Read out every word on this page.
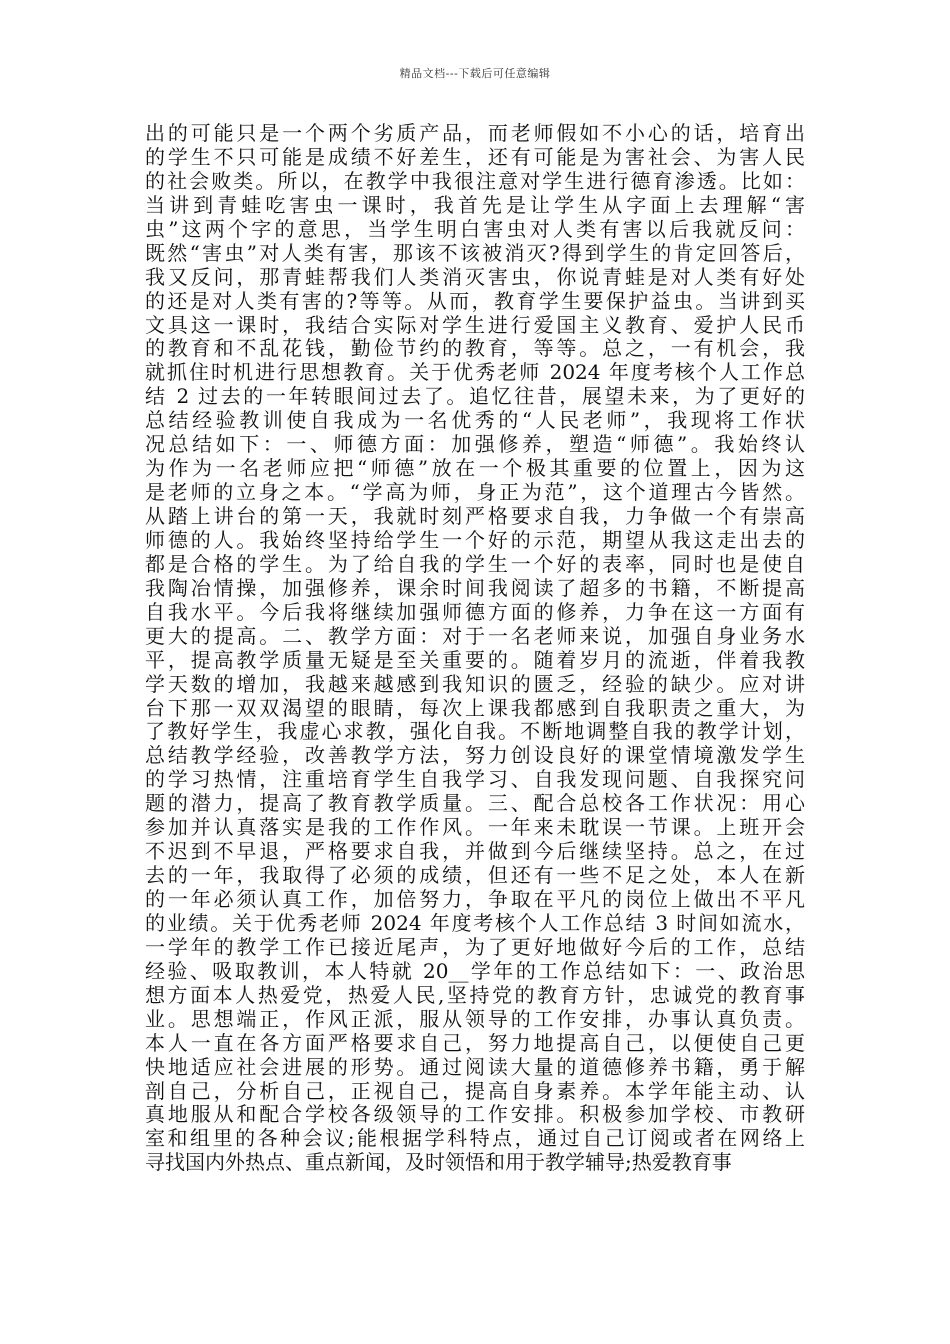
精品文档---下载后可任意编辑
出的可能只是一个两个劣质产品，而老师假如不小心的话，培育出
的学生不只可能是成绩不好差生，还有可能是为害社会、为害人民
的社会败类。所以，在教学中我很注意对学生进行德育渗透。比如：
当讲到青蛙吃害虫一课时，我首先是让学生从字面上去理解“害
虫”这两个字的意思，当学生明白害虫对人类有害以后我就反问：
既然“害虫”对人类有害，那该不该被消灭?得到学生的肯定回答后，
我又反问，那青蛙帮我们人类消灭害虫，你说青蛙是对人类有好处
的还是对人类有害的?等等。从而，教育学生要保护益虫。当讲到买
文具这一课时，我结合实际对学生进行爱国主义教育、爱护人民币
的教育和不乱花钱，勤俭节约的教育，等等。总之，一有机会，我
就抓住时机进行思想教育。关于优秀老师 2024 年度考核个人工作总
结 2 过去的一年转眼间过去了。追忆往昔，展望未来，为了更好的
总结经验教训使自我成为一名优秀的“人民老师”，我现将工作状
况总结如下：一、师德方面：加强修养，塑造“师德”。我始终认
为作为一名老师应把“师德”放在一个极其重要的位置上，因为这
是老师的立身之本。“学高为师，身正为范”，这个道理古今皆然。
从踏上讲台的第一天，我就时刻严格要求自我，力争做一个有崇高
师德的人。我始终坚持给学生一个好的示范，期望从我这走出去的
都是合格的学生。为了给自我的学生一个好的表率，同时也是使自
我陶冶情操，加强修养，课余时间我阅读了超多的书籍，不断提高
自我水平。今后我将继续加强师德方面的修养，力争在这一方面有
更大的提高。二、教学方面：对于一名老师来说，加强自身业务水
平，提高教学质量无疑是至关重要的。随着岁月的流逝，伴着我教
学天数的增加，我越来越感到我知识的匮乏，经验的缺少。应对讲
台下那一双双渴望的眼睛，每次上课我都感到自我职责之重大，为
了教好学生，我虚心求教，强化自我。不断地调整自我的教学计划，
总结教学经验，改善教学方法，努力创设良好的课堂情境激发学生
的学习热情，注重培育学生自我学习、自我发现问题、自我探究问
题的潜力，提高了教育教学质量。三、配合总校各工作状况：用心
参加并认真落实是我的工作作风。一年来未耽误一节课。上班开会
不迟到不早退，严格要求自我，并做到今后继续坚持。总之，在过
去的一年，我取得了必须的成绩，但还有一些不足之处，本人在新
的一年必须认真工作，加倍努力，争取在平凡的岗位上做出不平凡
的业绩。关于优秀老师 2024 年度考核个人工作总结 3 时间如流水，
一学年的教学工作已接近尾声，为了更好地做好今后的工作，总结
经验、吸取教训，本人特就 20__学年的工作总结如下：一、政治思
想方面本人热爱党，热爱人民,坚持党的教育方针，忠诚党的教育事
业。思想端正，作风正派，服从领导的工作安排，办事认真负责。
本人一直在各方面严格要求自己，努力地提高自己，以便使自己更
快地适应社会进展的形势。通过阅读大量的道德修养书籍，勇于解
剖自己，分析自己，正视自己，提高自身素养。本学年能主动、认
真地服从和配合学校各级领导的工作安排。积极参加学校、市教研
室和组里的各种会议;能根据学科特点，通过自己订阅或者在网络上
寻找国内外热点、重点新闻，及时领悟和用于教学辅导;热爱教育事
